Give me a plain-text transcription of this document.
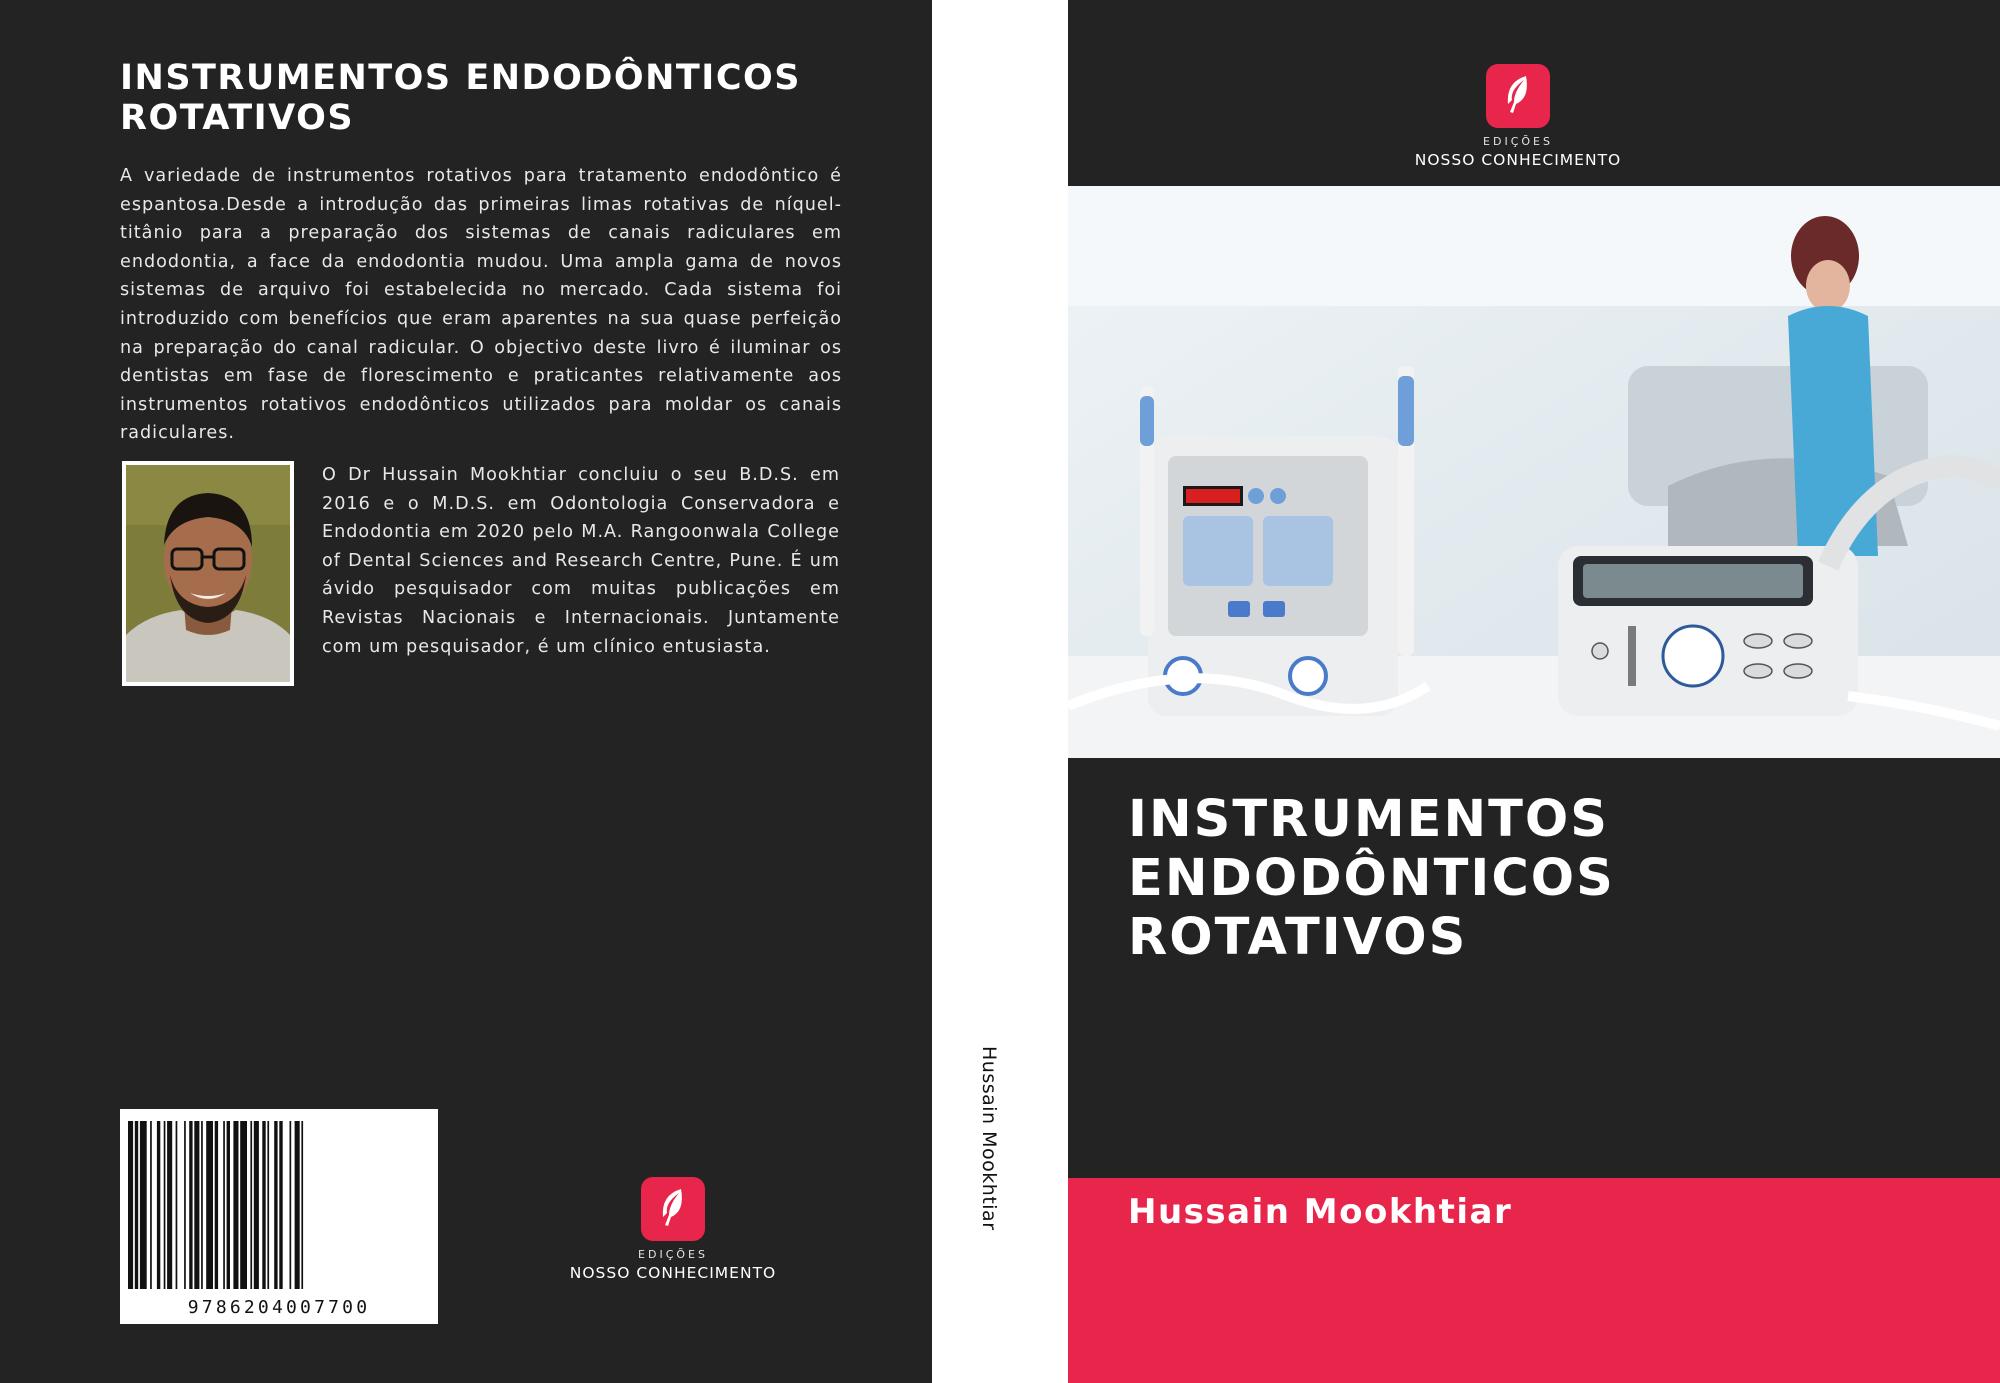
INSTRUMENTOS ENDODÔNTICOS ROTATIVOS

A variedade de instrumentos rotativos para tratamento endodôntico é espantosa.Desde a introdução das primeiras limas rotativas de níquel-titânio para a preparação dos sistemas de canais radiculares em endodontia, a face da endodontia mudou. Uma ampla gama de novos sistemas de arquivo foi estabelecida no mercado. Cada sistema foi introduzido com benefícios que eram aparentes na sua quase perfeição na preparação do canal radicular. O objectivo deste livro é iluminar os dentistas em fase de florescimento e praticantes relativamente aos instrumentos rotativos endodônticos utilizados para moldar os canais radiculares.

O Dr Hussain Mookhtiar concluiu o seu B.D.S. em 2016 e o M.D.S. em Odontologia Conservadora e Endodontia em 2020 pelo M.A. Rangoonwala College of Dental Sciences and Research Centre, Pune. É um ávido pesquisador com muitas publicações em Revistas Nacionais e Internacionais. Juntamente com um pesquisador, é um clínico entusiasta.

9786204007700
EDIÇÕES
NOSSO CONHECIMENTO
Hussain Mookhtiar
EDIÇÕES
NOSSO CONHECIMENTO
INSTRUMENTOS
ENDODÔNTICOS
ROTATIVOS
Hussain Mookhtiar
